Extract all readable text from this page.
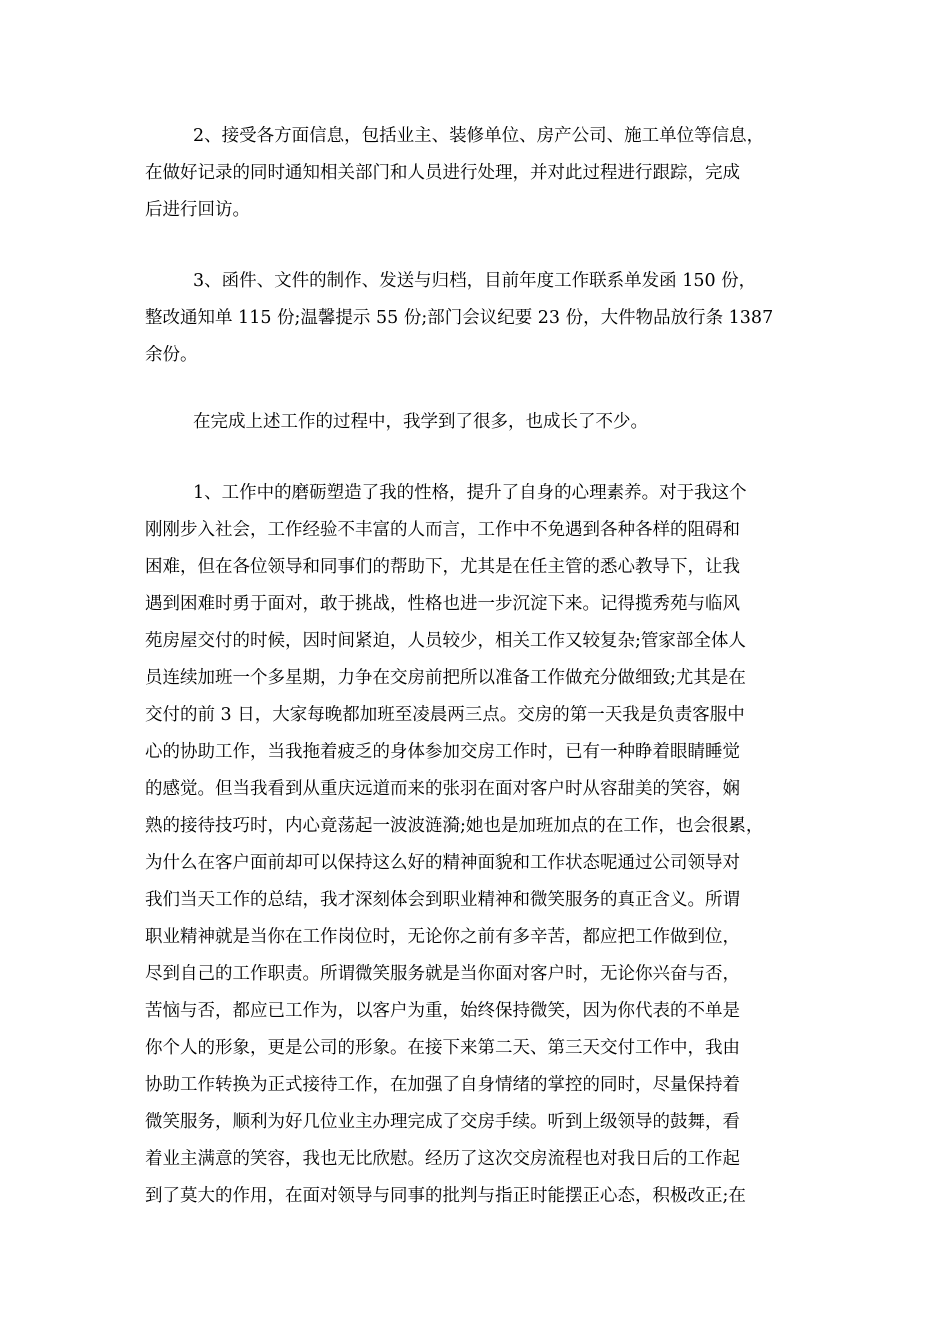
2、接受各方面信息，包括业主、装修单位、房产公司、施工单位等信息，
在做好记录的同时通知相关部门和人员进行处理，并对此过程进行跟踪，完成
后进行回访。
3、函件、文件的制作、发送与归档，目前年度工作联系单发函 150 份，
整改通知单 115 份;温馨提示 55 份;部门会议纪要 23 份，大件物品放行条 1387
余份。
在完成上述工作的过程中，我学到了很多，也成长了不少。
1、工作中的磨砺塑造了我的性格，提升了自身的心理素养。对于我这个
刚刚步入社会，工作经验不丰富的人而言，工作中不免遇到各种各样的阻碍和
困难，但在各位领导和同事们的帮助下，尤其是在任主管的悉心教导下，让我
遇到困难时勇于面对，敢于挑战，性格也进一步沉淀下来。记得揽秀苑与临风
苑房屋交付的时候，因时间紧迫，人员较少，相关工作又较复杂;管家部全体人
员连续加班一个多星期，力争在交房前把所以准备工作做充分做细致;尤其是在
交付的前 3 日，大家每晚都加班至凌晨两三点。交房的第一天我是负责客服中
心的协助工作，当我拖着疲乏的身体参加交房工作时，已有一种睁着眼睛睡觉
的感觉。但当我看到从重庆远道而来的张羽在面对客户时从容甜美的笑容，娴
熟的接待技巧时，内心竟荡起一波波涟漪;她也是加班加点的在工作，也会很累，
为什么在客户面前却可以保持这么好的精神面貌和工作状态呢通过公司领导对
我们当天工作的总结，我才深刻体会到职业精神和微笑服务的真正含义。所谓
职业精神就是当你在工作岗位时，无论你之前有多辛苦，都应把工作做到位，
尽到自己的工作职责。所谓微笑服务就是当你面对客户时，无论你兴奋与否，
苦恼与否，都应已工作为，以客户为重，始终保持微笑，因为你代表的不单是
你个人的形象，更是公司的形象。在接下来第二天、第三天交付工作中，我由
协助工作转换为正式接待工作，在加强了自身情绪的掌控的同时，尽量保持着
微笑服务，顺利为好几位业主办理完成了交房手续。听到上级领导的鼓舞，看
着业主满意的笑容，我也无比欣慰。经历了这次交房流程也对我日后的工作起
到了莫大的作用，在面对领导与同事的批判与指正时能摆正心态，积极改正;在
